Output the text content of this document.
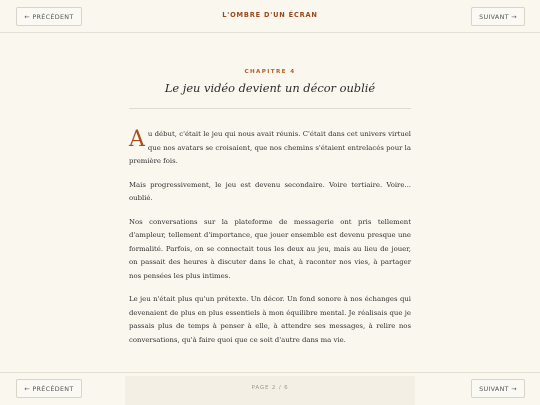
← PRÉCÉDENT	L'OMBRE D'UN ÉCRAN	SUIVANT →
CHAPITRE 4
Le jeu vidéo devient un décor oublié

Au début, c'était le jeu qui nous avait réunis. C'était dans cet univers virtuel que nos avatars se croisaient, que nos chemins s'étaient entrelacés pour la première fois.

Mais progressivement, le jeu est devenu secondaire. Voire tertiaire. Voire... oublié.

Nos conversations sur la plateforme de messagerie ont pris tellement d'ampleur, tellement d'importance, que jouer ensemble est devenu presque une formalité. Parfois, on se connectait tous les deux au jeu, mais au lieu de jouer, on passait des heures à discuter dans le chat, à raconter nos vies, à partager nos pensées les plus intimes.

Le jeu n'était plus qu'un prétexte. Un décor. Un fond sonore à nos échanges qui devenaient de plus en plus essentiels à mon équilibre mental. Je réalisais que je passais plus de temps à penser à elle, à attendre ses messages, à relire nos conversations, qu'à faire quoi que ce soit d'autre dans ma vie.

← PRÉCÉDENT	PAGE 2 / 6	SUIVANT →
